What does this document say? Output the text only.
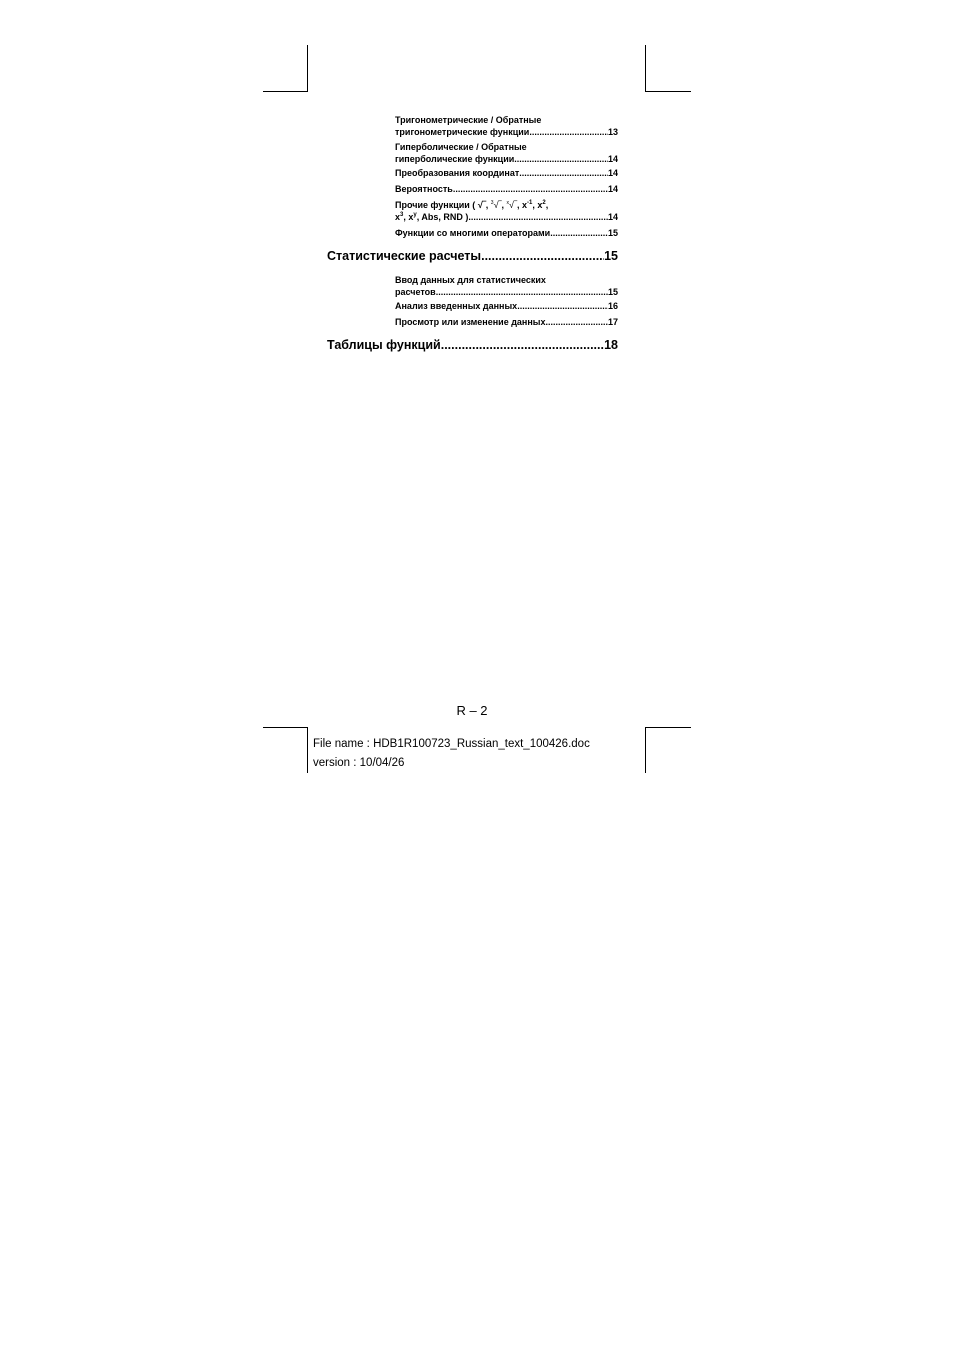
Тригонометрические / Обратные
тригонометрические функции .....	13
Гиперболические / Обратные
гиперболические функции .....	14
Преобразования координат .....	14
Вероятность .....	14
Прочие функции ( √‾, $^3$√‾, $^x$√‾, $x^{-1}$, $x^2$,
$x^3$, $x^y$, Abs, RND ) .....	14
Функции со многими операторами .....	15
Статистические расчеты .....	15
Ввод данных для статистических
расчетов .....	15
Анализ введенных данных .....	16
Просмотр или изменение данных .....	17
Таблицы функций .....	18
R – 2
File name : HDB1R100723_Russian_text_100426.doc
version : 10/04/26
